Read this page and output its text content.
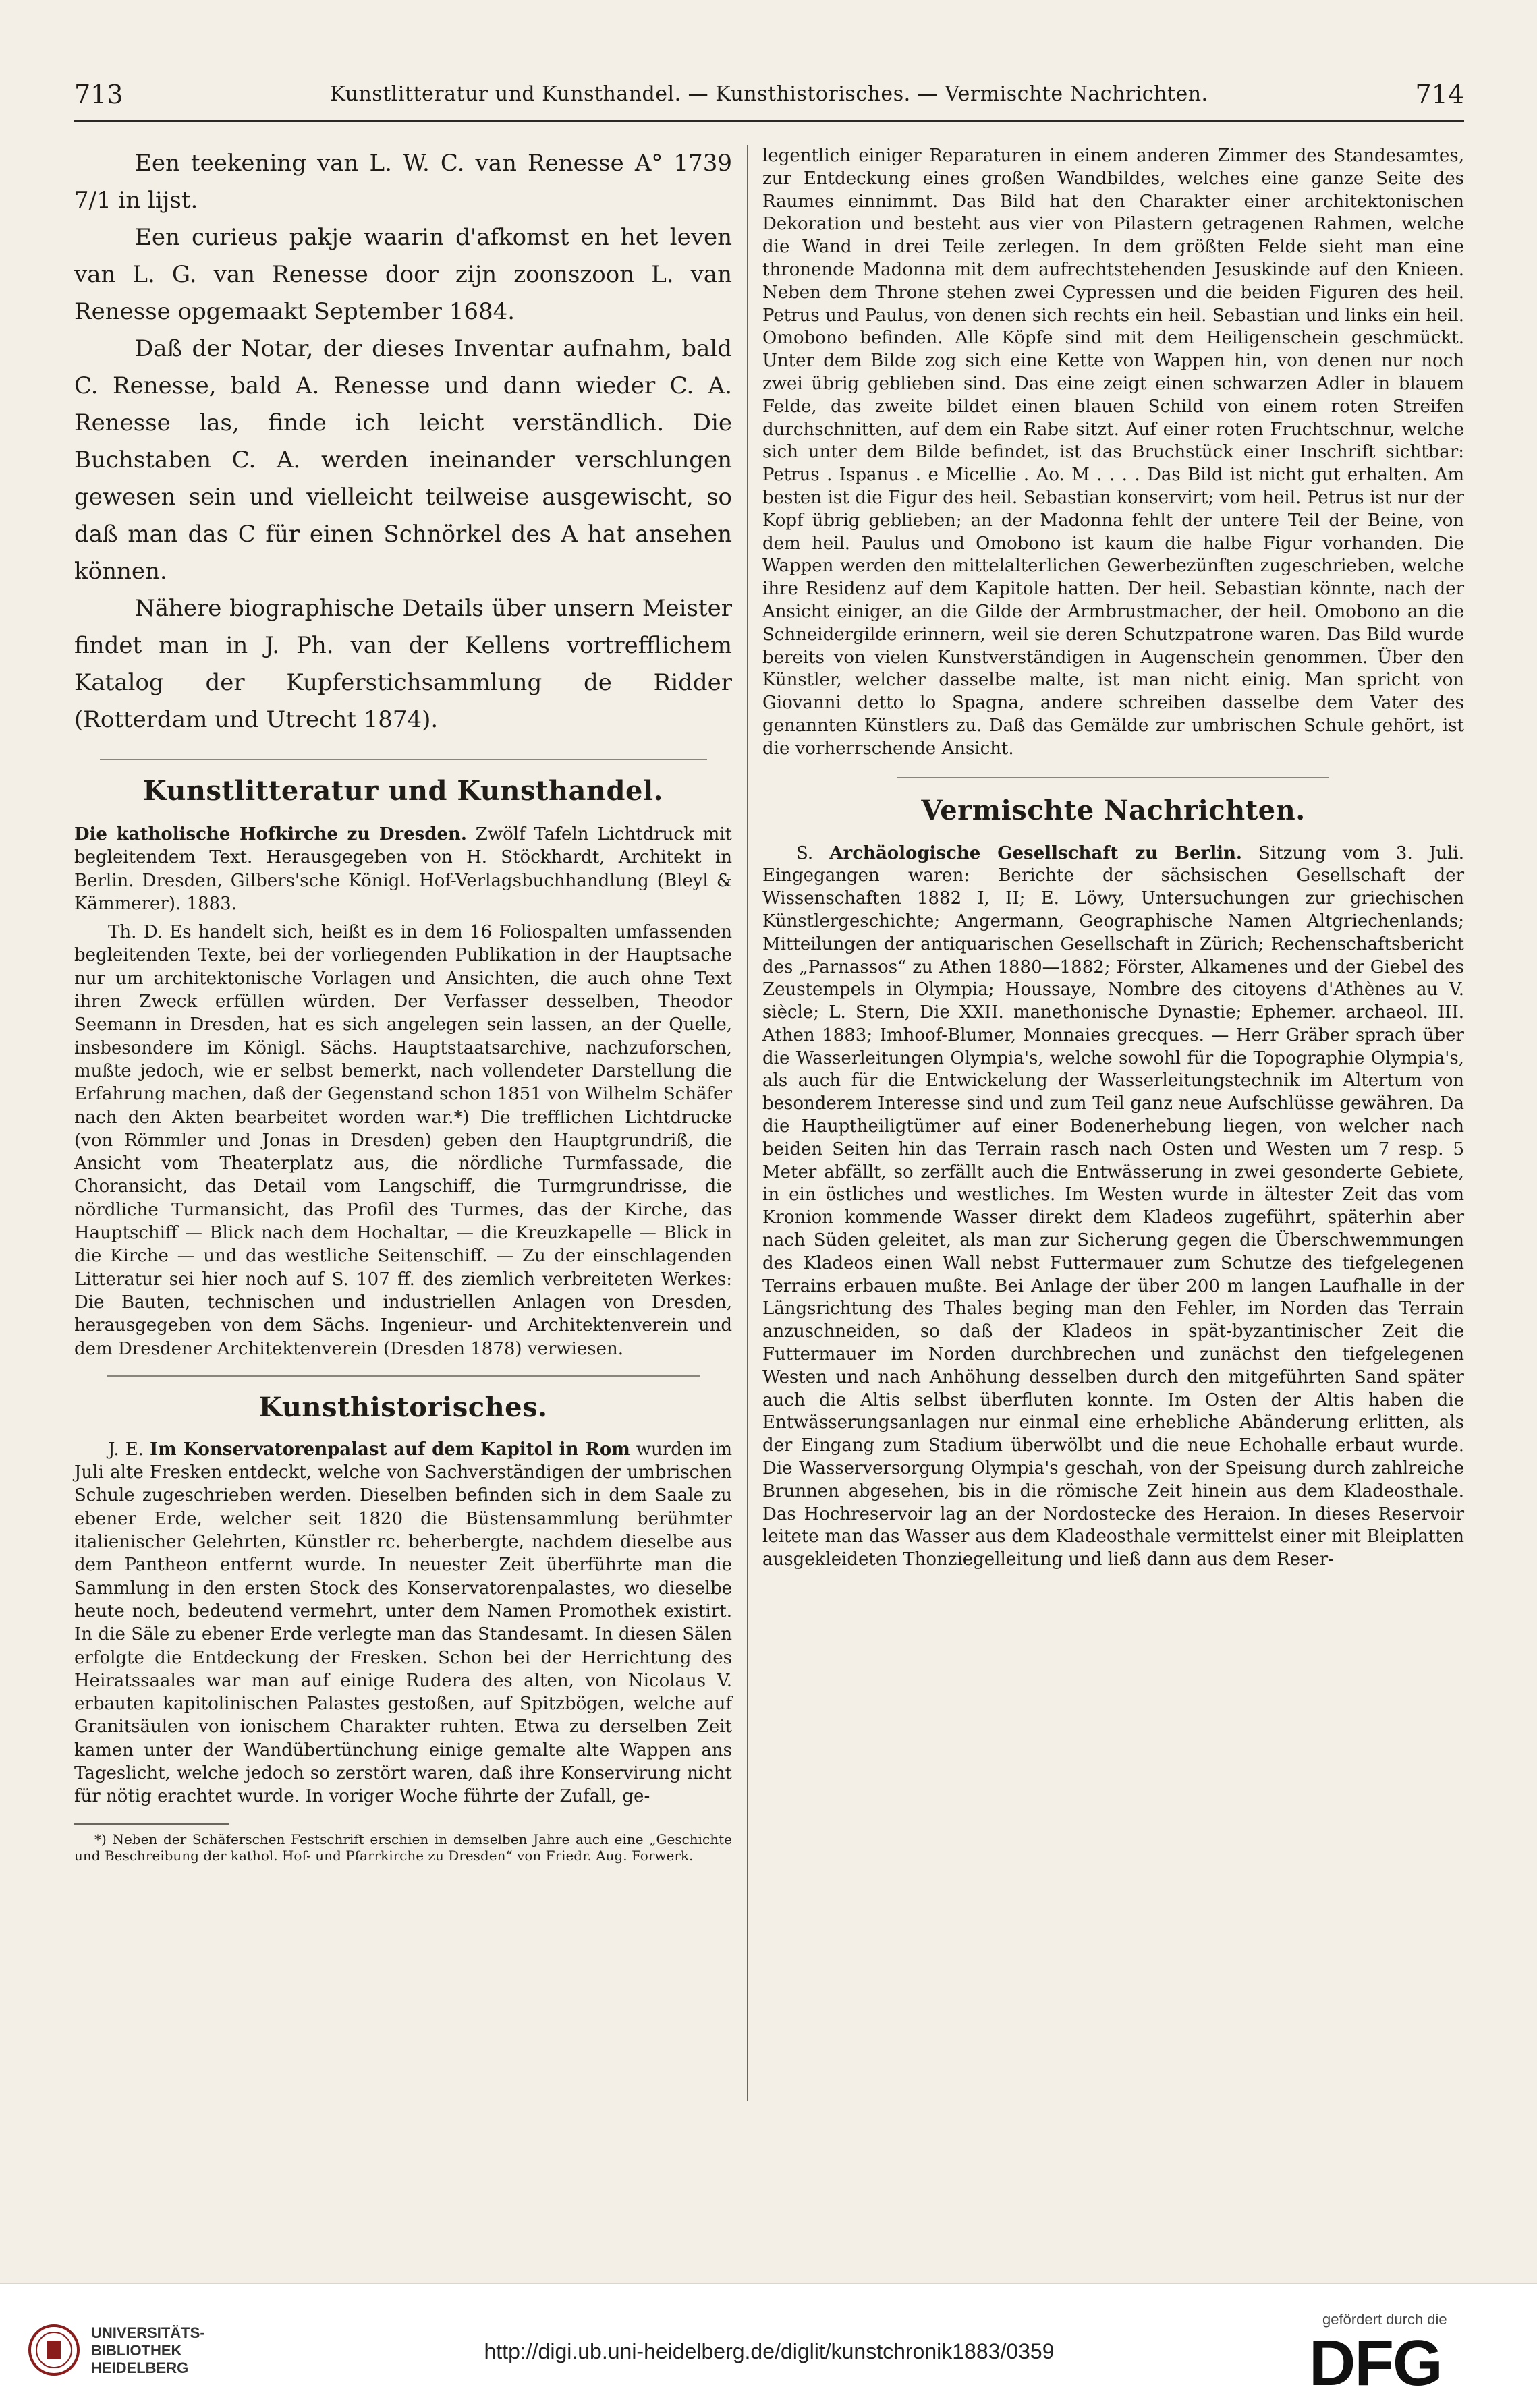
713	Kunstlitteratur und Kunsthandel. — Kunsthistorisches. — Vermischte Nachrichten.	714

Een teekening van L. W. C. van Renesse A° 1739 7/1 in lijst.

Een curieus pakje waarin d'afkomst en het leven van L. G. van Renesse door zijn zoonszoon L. van Renesse opgemaakt September 1684.

Daß der Notar, der dieses Inventar aufnahm, bald C. Renesse, bald A. Renesse und dann wieder C. A. Renesse las, finde ich leicht verständlich. Die Buchstaben C. A. werden ineinander verschlungen gewesen sein und vielleicht teilweise ausgewischt, so daß man das C für einen Schnörkel des A hat ansehen können.

Nähere biographische Details über unsern Meister findet man in J. Ph. van der Kellens vortrefflichem Katalog der Kupferstichsammlung de Ridder (Rotterdam und Utrecht 1874).

Kunstlitteratur und Kunsthandel.

Die katholische Hofkirche zu Dresden. Zwölf Tafeln Lichtdruck mit begleitendem Text. Herausgegeben von H. Stöckhardt, Architekt in Berlin. Dresden, Gilbers'sche Königl. Hof-Verlagsbuchhandlung (Bleyl & Kämmerer). 1883.

Th. D. Es handelt sich, heißt es in dem 16 Foliospalten umfassenden begleitenden Texte, bei der vorliegenden Publikation in der Hauptsache nur um architektonische Vorlagen und Ansichten, die auch ohne Text ihren Zweck erfüllen würden. Der Verfasser desselben, Theodor Seemann in Dresden, hat es sich angelegen sein lassen, an der Quelle, insbesondere im Königl. Sächs. Hauptstaatsarchive, nachzuforschen, mußte jedoch, wie er selbst bemerkt, nach vollendeter Darstellung die Erfahrung machen, daß der Gegenstand schon 1851 von Wilhelm Schäfer nach den Akten bearbeitet worden war.*) Die trefflichen Lichtdrucke (von Römmler und Jonas in Dresden) geben den Hauptgrundriß, die Ansicht vom Theaterplatz aus, die nördliche Turmfassade, die Choransicht, das Detail vom Langschiff, die Turmgrundrisse, die nördliche Turmansicht, das Profil des Turmes, das der Kirche, das Hauptschiff — Blick nach dem Hochaltar, — die Kreuzkapelle — Blick in die Kirche — und das westliche Seitenschiff. — Zu der einschlagenden Litteratur sei hier noch auf S. 107 ff. des ziemlich verbreiteten Werkes: Die Bauten, technischen und industriellen Anlagen von Dresden, herausgegeben von dem Sächs. Ingenieur- und Architektenverein und dem Dresdener Architektenverein (Dresden 1878) verwiesen.

Kunsthistorisches.

J. E. Im Konservatorenpalast auf dem Kapitol in Rom wurden im Juli alte Fresken entdeckt, welche von Sachverständigen der umbrischen Schule zugeschrieben werden. Dieselben befinden sich in dem Saale zu ebener Erde, welcher seit 1820 die Büstensammlung berühmter italienischer Gelehrten, Künstler rc. beherbergte, nachdem dieselbe aus dem Pantheon entfernt wurde. In neuester Zeit überführte man die Sammlung in den ersten Stock des Konservatorenpalastes, wo dieselbe heute noch, bedeutend vermehrt, unter dem Namen Promothek existirt. In die Säle zu ebener Erde verlegte man das Standesamt. In diesen Sälen erfolgte die Entdeckung der Fresken. Schon bei der Herrichtung des Heiratssaales war man auf einige Rudera des alten, von Nicolaus V. erbauten kapitolinischen Palastes gestoßen, auf Spitzbögen, welche auf Granitsäulen von ionischem Charakter ruhten. Etwa zu derselben Zeit kamen unter der Wandübertünchung einige gemalte alte Wappen ans Tageslicht, welche jedoch so zerstört waren, daß ihre Konservirung nicht für nötig erachtet wurde. In voriger Woche führte der Zufall, ge-

*) Neben der Schäferschen Festschrift erschien in demselben Jahre auch eine „Geschichte und Beschreibung der kathol. Hof- und Pfarrkirche zu Dresden“ von Friedr. Aug. Forwerk.

legentlich einiger Reparaturen in einem anderen Zimmer des Standesamtes, zur Entdeckung eines großen Wandbildes, welches eine ganze Seite des Raumes einnimmt. Das Bild hat den Charakter einer architektonischen Dekoration und besteht aus vier von Pilastern getragenen Rahmen, welche die Wand in drei Teile zerlegen. In dem größten Felde sieht man eine thronende Madonna mit dem aufrechtstehenden Jesuskinde auf den Knieen. Neben dem Throne stehen zwei Cypressen und die beiden Figuren des heil. Petrus und Paulus, von denen sich rechts ein heil. Sebastian und links ein heil. Omobono befinden. Alle Köpfe sind mit dem Heiligenschein geschmückt. Unter dem Bilde zog sich eine Kette von Wappen hin, von denen nur noch zwei übrig geblieben sind. Das eine zeigt einen schwarzen Adler in blauem Felde, das zweite bildet einen blauen Schild von einem roten Streifen durchschnitten, auf dem ein Rabe sitzt. Auf einer roten Fruchtschnur, welche sich unter dem Bilde befindet, ist das Bruchstück einer Inschrift sichtbar: Petrus . Ispanus . e Micellie . Ao. M . . . . Das Bild ist nicht gut erhalten. Am besten ist die Figur des heil. Sebastian konservirt; vom heil. Petrus ist nur der Kopf übrig geblieben; an der Madonna fehlt der untere Teil der Beine, von dem heil. Paulus und Omobono ist kaum die halbe Figur vorhanden. Die Wappen werden den mittelalterlichen Gewerbezünften zugeschrieben, welche ihre Residenz auf dem Kapitole hatten. Der heil. Sebastian könnte, nach der Ansicht einiger, an die Gilde der Armbrustmacher, der heil. Omobono an die Schneidergilde erinnern, weil sie deren Schutzpatrone waren. Das Bild wurde bereits von vielen Kunstverständigen in Augenschein genommen. Über den Künstler, welcher dasselbe malte, ist man nicht einig. Man spricht von Giovanni detto lo Spagna, andere schreiben dasselbe dem Vater des genannten Künstlers zu. Daß das Gemälde zur umbrischen Schule gehört, ist die vorherrschende Ansicht.

Vermischte Nachrichten.

S. Archäologische Gesellschaft zu Berlin. Sitzung vom 3. Juli. Eingegangen waren: Berichte der sächsischen Gesellschaft der Wissenschaften 1882 I, II; E. Löwy, Untersuchungen zur griechischen Künstlergeschichte; Angermann, Geographische Namen Altgriechenlands; Mitteilungen der antiquarischen Gesellschaft in Zürich; Rechenschaftsbericht des „Parnassos“ zu Athen 1880—1882; Förster, Alkamenes und der Giebel des Zeustempels in Olympia; Houssaye, Nombre des citoyens d'Athènes au V. siècle; L. Stern, Die XXII. manethonische Dynastie; Ephemer. archaeol. III. Athen 1883; Imhoof-Blumer, Monnaies grecques. — Herr Gräber sprach über die Wasserleitungen Olympia's, welche sowohl für die Topographie Olympia's, als auch für die Entwickelung der Wasserleitungstechnik im Altertum von besonderem Interesse sind und zum Teil ganz neue Aufschlüsse gewähren. Da die Hauptheiligtümer auf einer Bodenerhebung liegen, von welcher nach beiden Seiten hin das Terrain rasch nach Osten und Westen um 7 resp. 5 Meter abfällt, so zerfällt auch die Entwässerung in zwei gesonderte Gebiete, in ein östliches und westliches. Im Westen wurde in ältester Zeit das vom Kronion kommende Wasser direkt dem Kladeos zugeführt, späterhin aber nach Süden geleitet, als man zur Sicherung gegen die Überschwemmungen des Kladeos einen Wall nebst Futtermauer zum Schutze des tiefgelegenen Terrains erbauen mußte. Bei Anlage der über 200 m langen Laufhalle in der Längsrichtung des Thales beging man den Fehler, im Norden das Terrain anzuschneiden, so daß der Kladeos in spät-byzantinischer Zeit die Futtermauer im Norden durchbrechen und zunächst den tiefgelegenen Westen und nach Anhöhung desselben durch den mitgeführten Sand später auch die Altis selbst überfluten konnte. Im Osten der Altis haben die Entwässerungsanlagen nur einmal eine erhebliche Abänderung erlitten, als der Eingang zum Stadium überwölbt und die neue Echohalle erbaut wurde. Die Wasserversorgung Olympia's geschah, von der Speisung durch zahlreiche Brunnen abgesehen, bis in die römische Zeit hinein aus dem Kladeosthale. Das Hochreservoir lag an der Nordostecke des Heraion. In dieses Reservoir leitete man das Wasser aus dem Kladeosthale vermittelst einer mit Bleiplatten ausgekleideten Thonziegelleitung und ließ dann aus dem Reser-

UNIVERSITÄTS-
BIBLIOTHEK
HEIDELBERG
http://digi.ub.uni-heidelberg.de/diglit/kunstchronik1883/0359
gefördert durch die
DFG
